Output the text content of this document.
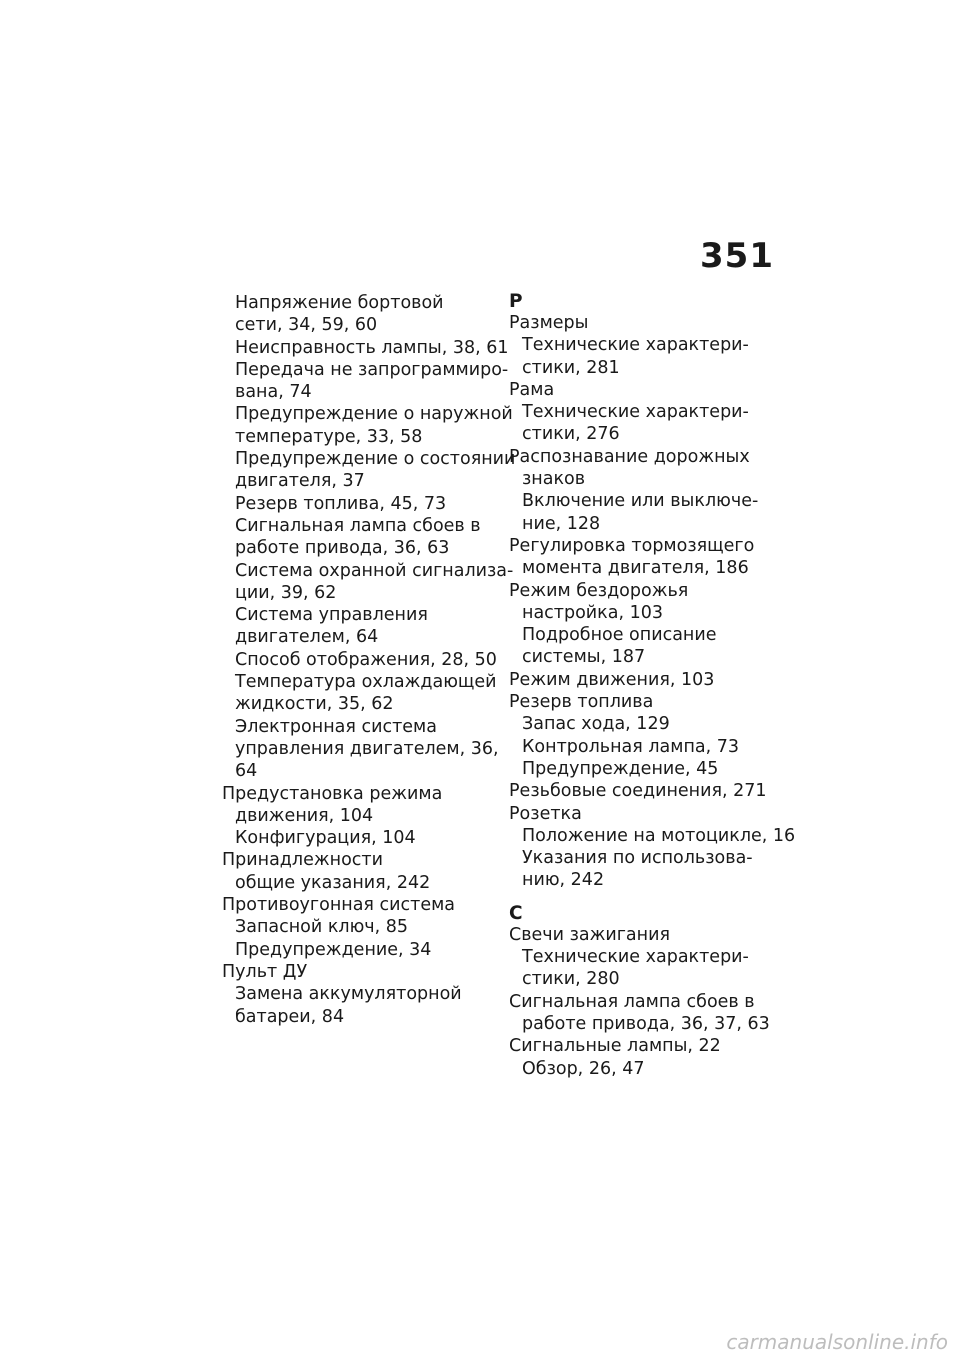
351
Напряжение бортовой
сети, 34, 59, 60
Неисправность лампы, 38, 61
Передача не запрограммиро-
вана, 74
Предупреждение о наружной
температуре, 33, 58
Предупреждение о состоянии
двигателя, 37
Резерв топлива, 45, 73
Сигнальная лампа сбоев в
работе привода, 36, 63
Система охранной сигнализа-
ции, 39, 62
Система управления
двигателем, 64
Способ отображения, 28, 50
Температура охлаждающей
жидкости, 35, 62
Электронная система
управления двигателем, 36,
64
Предустановка режима
движения, 104
Конфигурация, 104
Принадлежности
общие указания, 242
Противоугонная система
Запасной ключ, 85
Предупреждение, 34
Пульт ДУ
Замена аккумуляторной
батареи, 84
Р
Размеры
Технические характери-
стики, 281
Рама
Технические характери-
стики, 276
Распознавание дорожных
знаков
Включение или выключе-
ние, 128
Регулировка тормозящего
момента двигателя, 186
Режим бездорожья
настройка, 103
Подробное описание
системы, 187
Режим движения, 103
Резерв топлива
Запас хода, 129
Контрольная лампа, 73
Предупреждение, 45
Резьбовые соединения, 271
Розетка
Положение на мотоцикле, 16
Указания по использова-
нию, 242
С
Свечи зажигания
Технические характери-
стики, 280
Сигнальная лампа сбоев в
работе привода, 36, 37, 63
Сигнальные лампы, 22
Обзор, 26, 47
carmanualsonline.info
